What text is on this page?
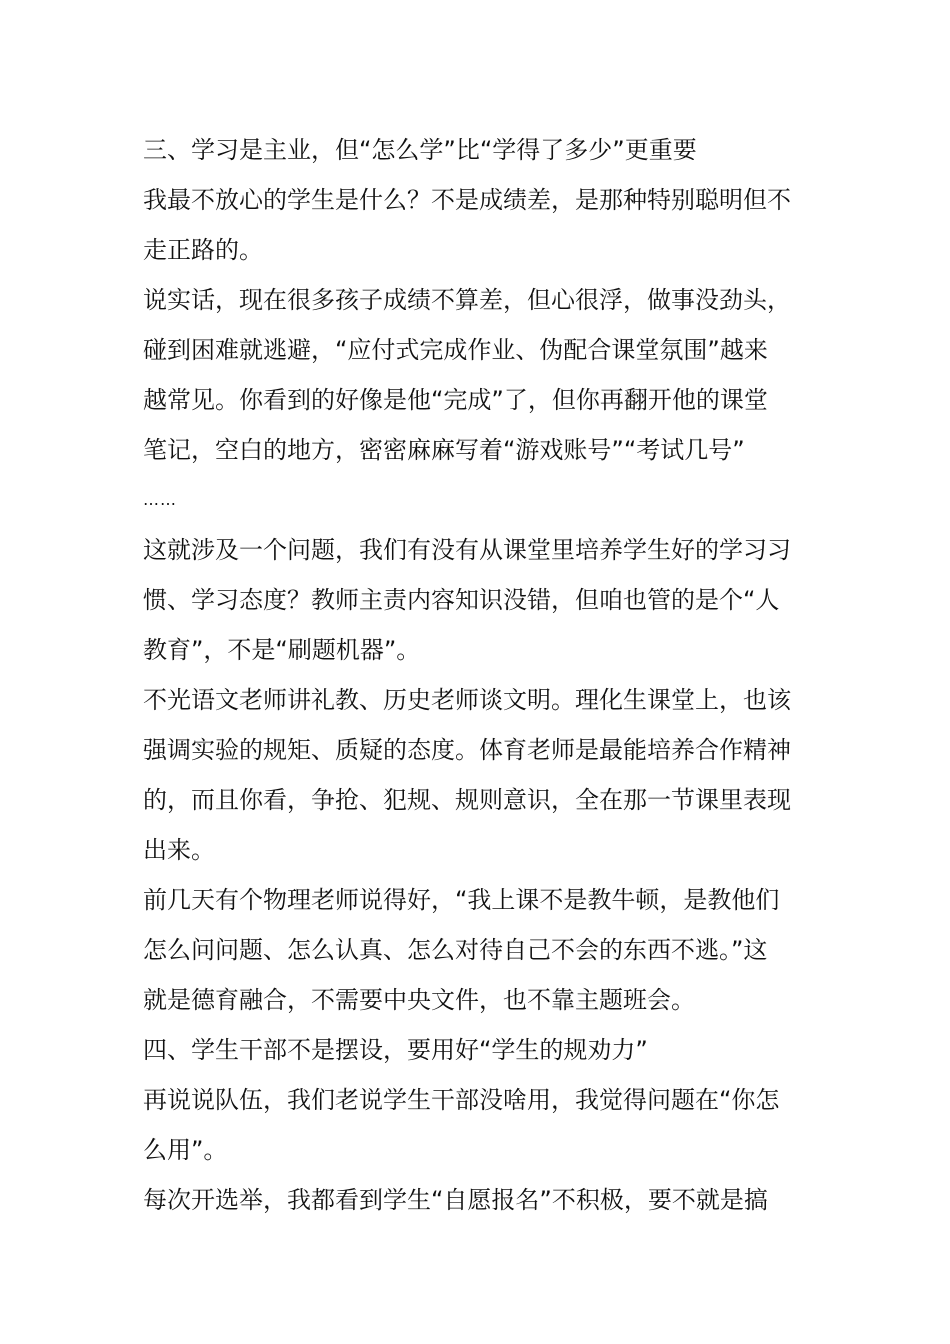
三、学习是主业，但“怎么学”比“学得了多少”更重要

我最不放心的学生是什么？不是成绩差，是那种特别聪明但不

走正路的。

说实话，现在很多孩子成绩不算差，但心很浮，做事没劲头，

碰到困难就逃避，“应付式完成作业、伪配合课堂氛围”越来

越常见。你看到的好像是他“完成”了，但你再翻开他的课堂

笔记，空白的地方，密密麻麻写着“游戏账号”“考试几号”

……

这就涉及一个问题，我们有没有从课堂里培养学生好的学习习

惯、学习态度？教师主责内容知识没错，但咱也管的是个“人

教育”，不是“刷题机器”。

不光语文老师讲礼教、历史老师谈文明。理化生课堂上，也该

强调实验的规矩、质疑的态度。体育老师是最能培养合作精神

的，而且你看，争抢、犯规、规则意识，全在那一节课里表现

出来。

前几天有个物理老师说得好，“我上课不是教牛顿，是教他们

怎么问问题、怎么认真、怎么对待自己不会的东西不逃。”这

就是德育融合，不需要中央文件，也不靠主题班会。

四、学生干部不是摆设，要用好“学生的规劝力”

再说说队伍，我们老说学生干部没啥用，我觉得问题在“你怎

么用”。

每次开选举，我都看到学生“自愿报名”不积极，要不就是搞
